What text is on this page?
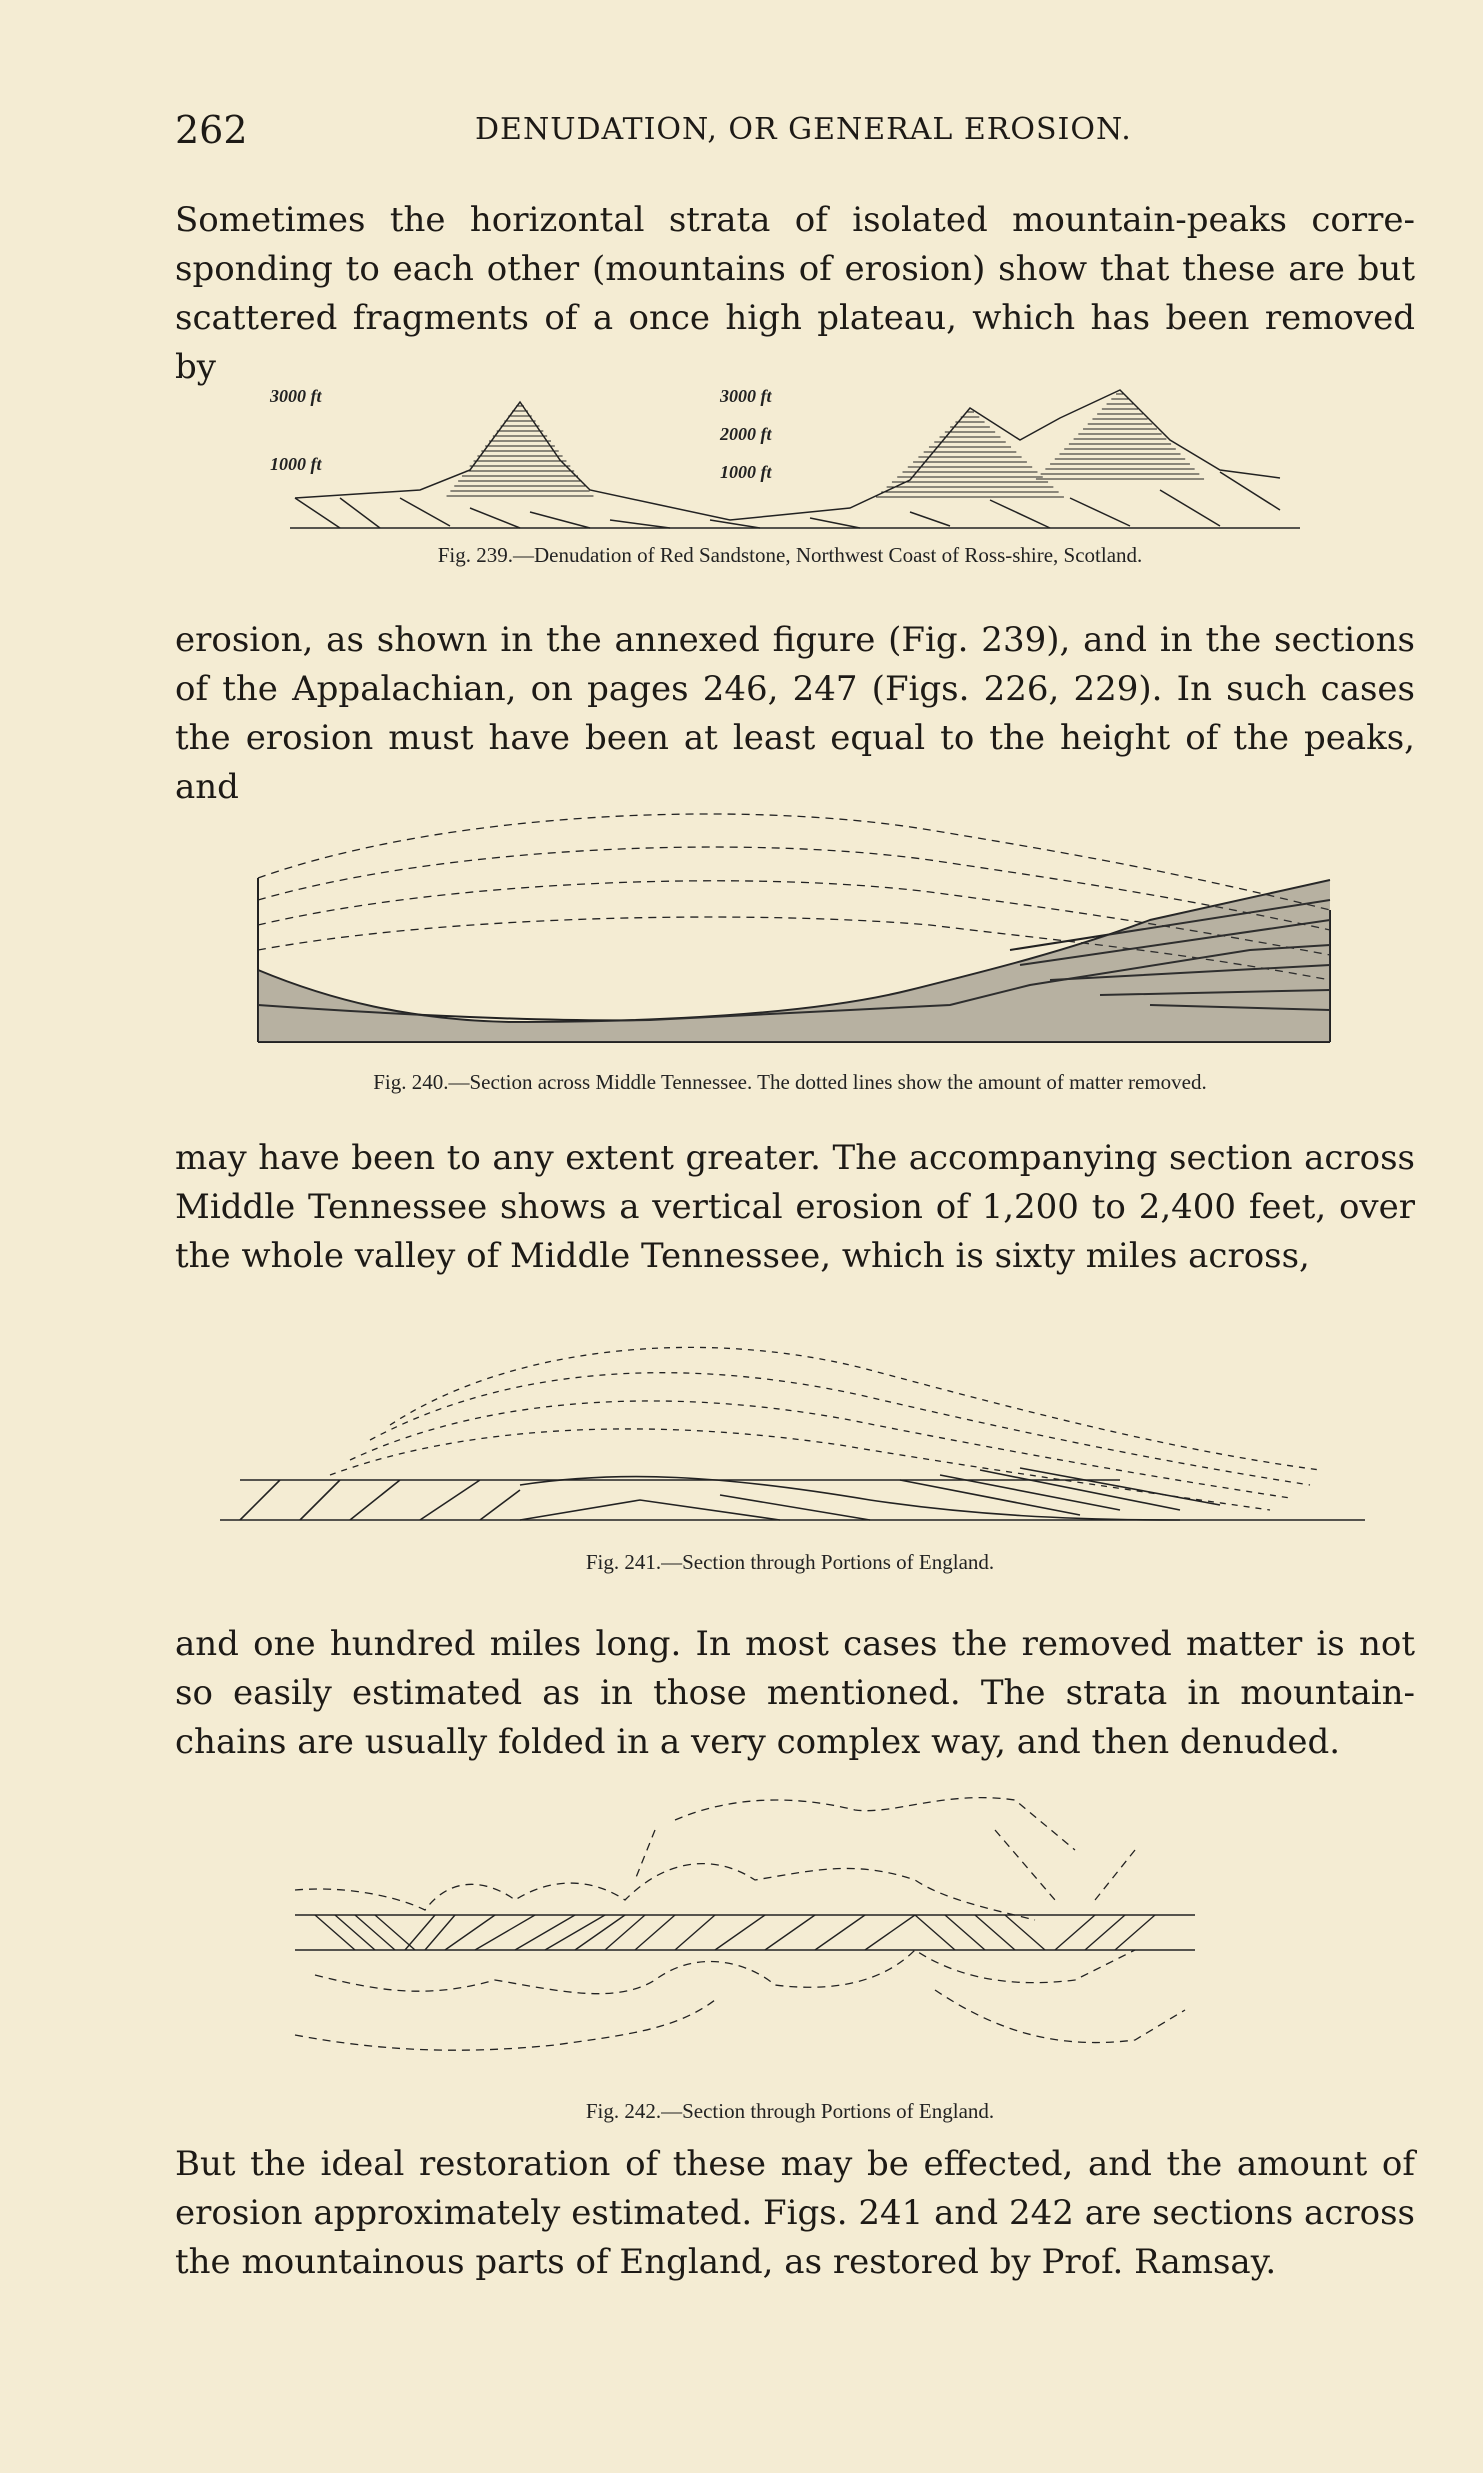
262	DENUDATION, OR GENERAL EROSION.

Sometimes the horizontal strata of isolated mountain-peaks corre-sponding to each other (mountains of erosion) show that these are but scattered fragments of a once high plateau, which has been removed by

3000 ft
1000 ft
3000 ft
2000 ft
1000 ft

Fig. 239.—Denudation of Red Sandstone, Northwest Coast of Ross-shire, Scotland.

erosion, as shown in the annexed figure (Fig. 239), and in the sections of the Appalachian, on pages 246, 247 (Figs. 226, 229). In such cases the erosion must have been at least equal to the height of the peaks, and

Fig. 240.—Section across Middle Tennessee. The dotted lines show the amount of matter removed.

may have been to any extent greater. The accompanying section across Middle Tennessee shows a vertical erosion of 1,200 to 2,400 feet, over the whole valley of Middle Tennessee, which is sixty miles across,

Fig. 241.—Section through Portions of England.

and one hundred miles long. In most cases the removed matter is not so easily estimated as in those mentioned. The strata in mountain-chains are usually folded in a very complex way, and then denuded.

Fig. 242.—Section through Portions of England.

But the ideal restoration of these may be effected, and the amount of erosion approximately estimated. Figs. 241 and 242 are sections across the mountainous parts of England, as restored by Prof. Ramsay.
